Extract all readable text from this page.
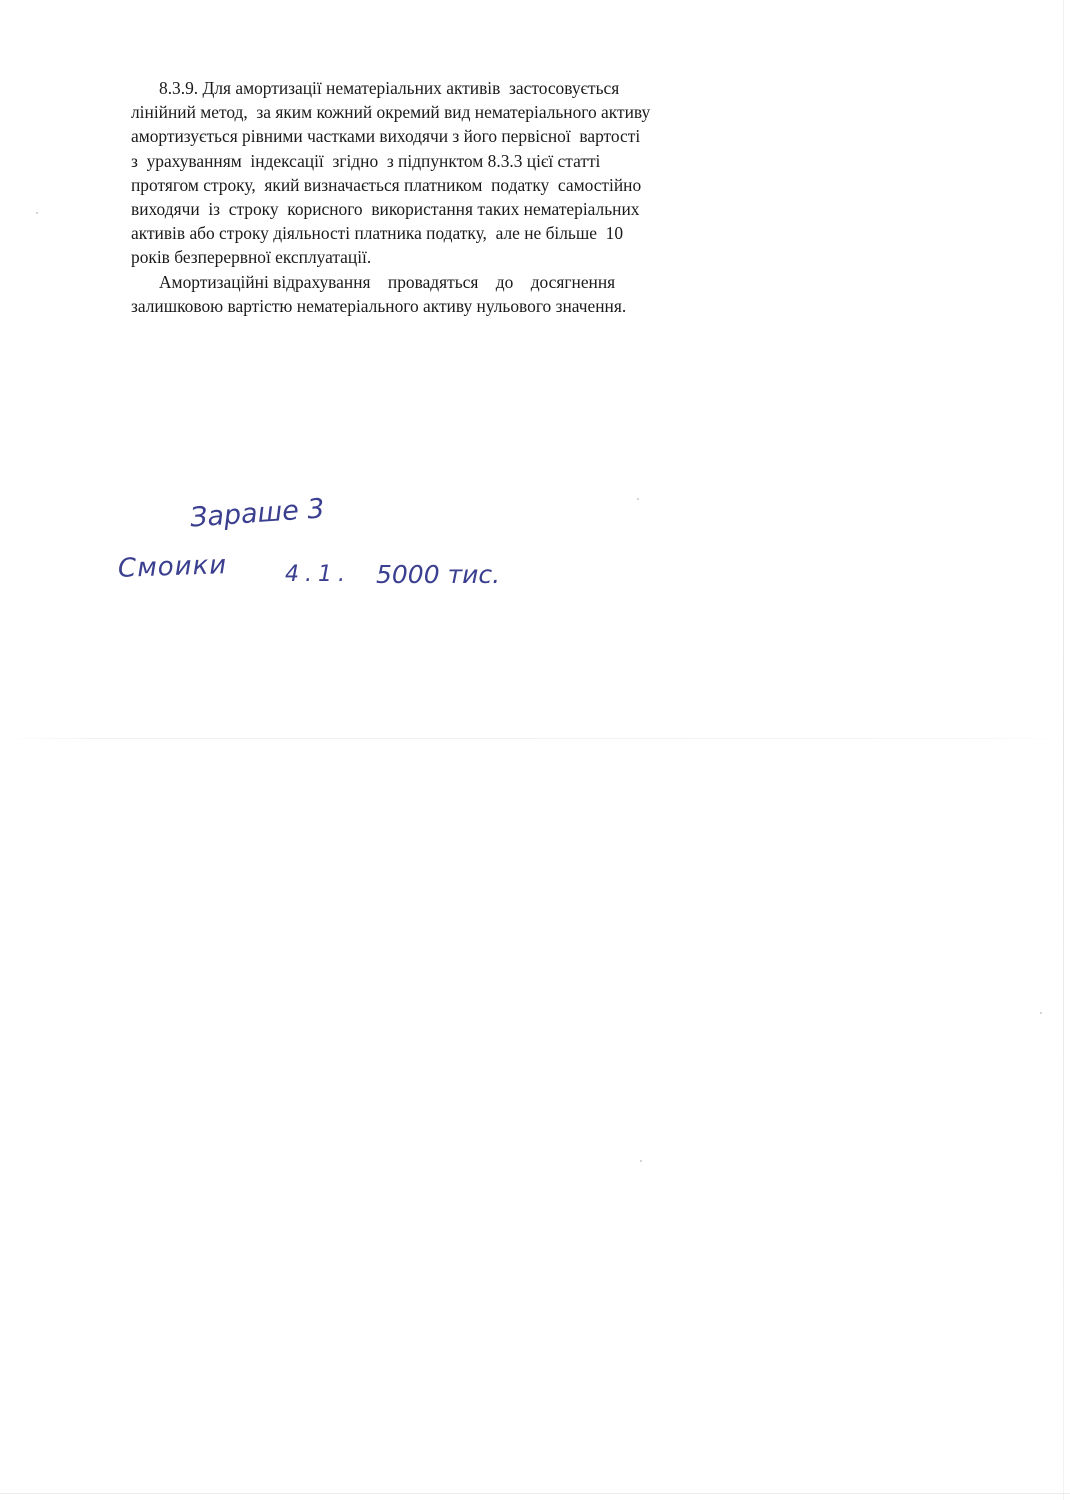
8.3.9. Для амортизації нематеріальних активів  застосовується
лінійний метод,  за яким кожний окремий вид нематеріального активу
амортизується рівними частками виходячи з його первісної  вартості
з  урахуванням  індексації  згідно  з підпунктом 8.3.3 цієї статті
протягом строку,  який визначається платником  податку  самостійно
виходячи  із  строку  корисного  використання таких нематеріальних
активів або строку діяльності платника податку,  але не більше  10
років безперервної експлуатації.

Амортизаційні відрахування    провадяться    до    досягнення
залишковою вартістю нематеріального активу нульового значення.

Зараше 3
Смоики	4.1. 5000 тис.
